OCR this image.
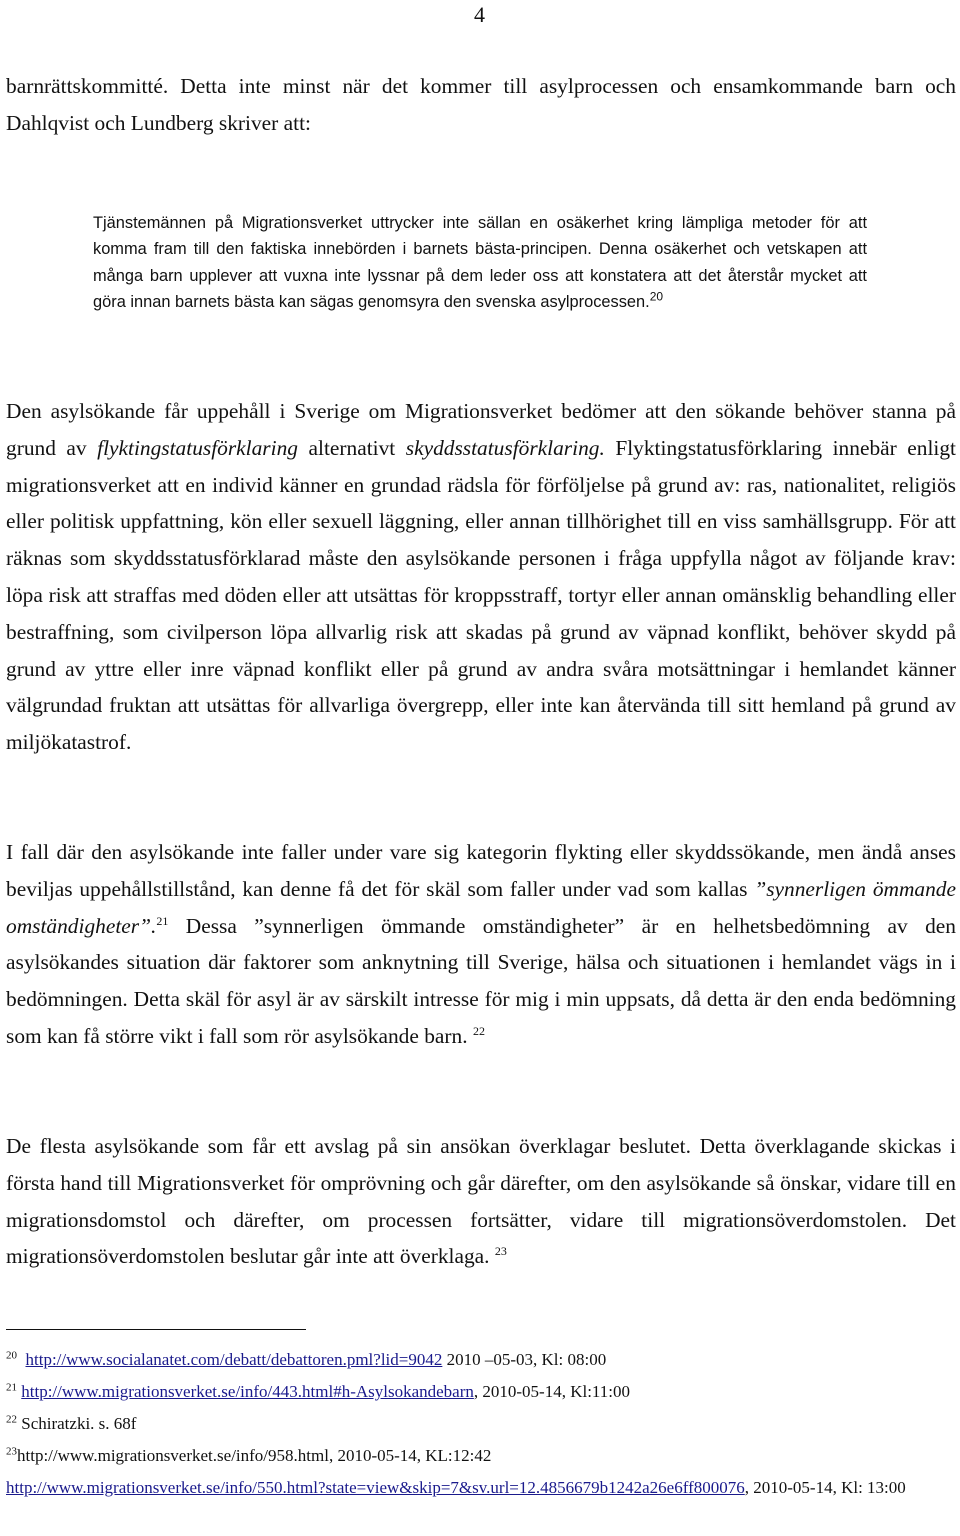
4

barnrättskommitté. Detta inte minst när det kommer till asylprocessen och ensamkommande barn och Dahlqvist och Lundberg skriver att:

Tjänstemännen på Migrationsverket uttrycker inte sällan en osäkerhet kring lämpliga metoder för att komma fram till den faktiska innebörden i barnets bästa-principen. Denna osäkerhet och vetskapen att många barn upplever att vuxna inte lyssnar på dem leder oss att konstatera att det återstår mycket att göra innan barnets bästa kan sägas genomsyra den svenska asylprocessen.$^{20}$

Den asylsökande får uppehåll i Sverige om Migrationsverket bedömer att den sökande behöver stanna på grund av flyktingstatusförklaring alternativt skyddsstatusförklaring. Flyktingstatusförklaring innebär enligt migrationsverket att en individ känner en grundad rädsla för förföljelse på grund av: ras, nationalitet, religiös eller politisk uppfattning, kön eller sexuell läggning, eller annan tillhörighet till en viss samhällsgrupp. För att räknas som skyddsstatusförklarad måste den asylsökande personen i fråga uppfylla något av följande krav: löpa risk att straffas med döden eller att utsättas för kroppsstraff, tortyr eller annan omänsklig behandling eller bestraffning, som civilperson löpa allvarlig risk att skadas på grund av väpnad konflikt, behöver skydd på grund av yttre eller inre väpnad konflikt eller på grund av andra svåra motsättningar i hemlandet känner välgrundad fruktan att utsättas för allvarliga övergrepp, eller inte kan återvända till sitt hemland på grund av miljökatastrof.

I fall där den asylsökande inte faller under vare sig kategorin flykting eller skyddssökande, men ändå anses beviljas uppehållstillstånd, kan denne få det för skäl som faller under vad som kallas ”synnerligen ömmande omständigheter”.$^{21}$ Dessa ”synnerligen ömmande omständigheter” är en helhetsbedömning av den asylsökandes situation där faktorer som anknytning till Sverige, hälsa och situationen i hemlandet vägs in i bedömningen. Detta skäl för asyl är av särskilt intresse för mig i min uppsats, då detta är den enda bedömning som kan få större vikt i fall som rör asylsökande barn. $^{22}$

De flesta asylsökande som får ett avslag på sin ansökan överklagar beslutet. Detta överklagande skickas i första hand till Migrationsverket för omprövning och går därefter, om den asylsökande så önskar, vidare till en migrationsdomstol och därefter, om processen fortsätter, vidare till migrationsöverdomstolen. Det migrationsöverdomstolen beslutar går inte att överklaga. $^{23}$

$^{20}$ http://www.socialanatet.com/debatt/debattoren.pml?lid=9042 2010 –05-03, Kl: 08:00

$^{21}$ http://www.migrationsverket.se/info/443.html#h-Asylsokandebarn, 2010-05-14, Kl:11:00

$^{22}$ Schiratzki. s. 68f

$^{23}$http://www.migrationsverket.se/info/958.html, 2010-05-14, KL:12:42

http://www.migrationsverket.se/info/550.html?state=view&skip=7&sv.url=12.4856679b1242a26e6ff800076, 2010-05-14, Kl: 13:00
